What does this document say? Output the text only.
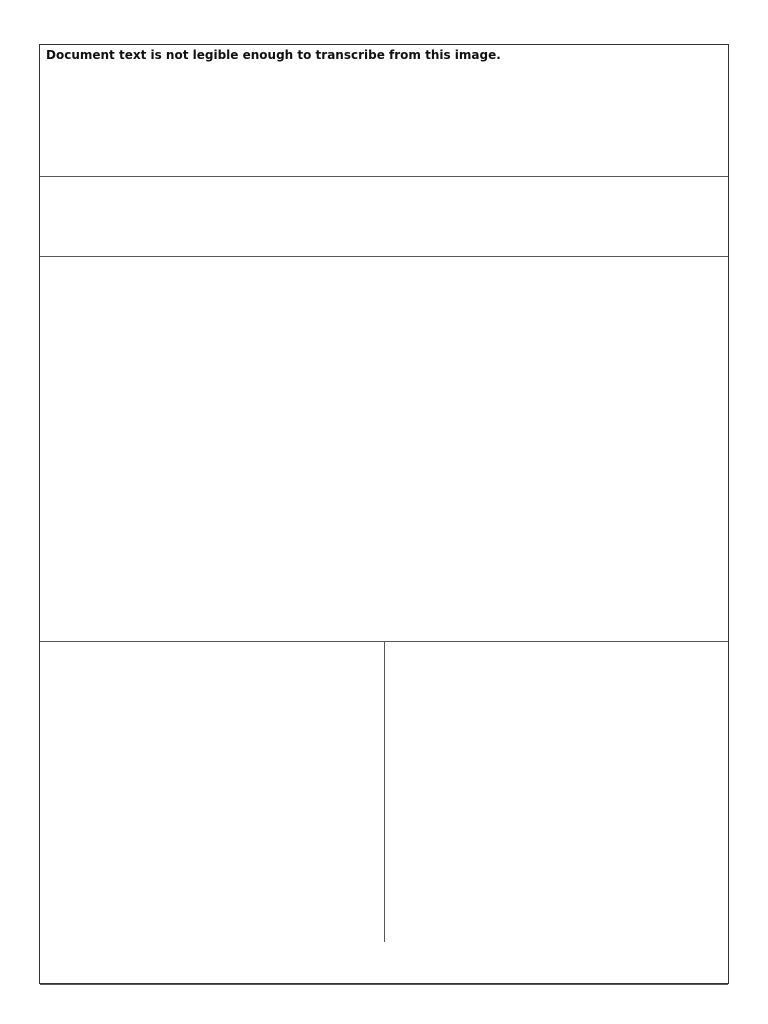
Document text is not legible enough to transcribe from this image.
